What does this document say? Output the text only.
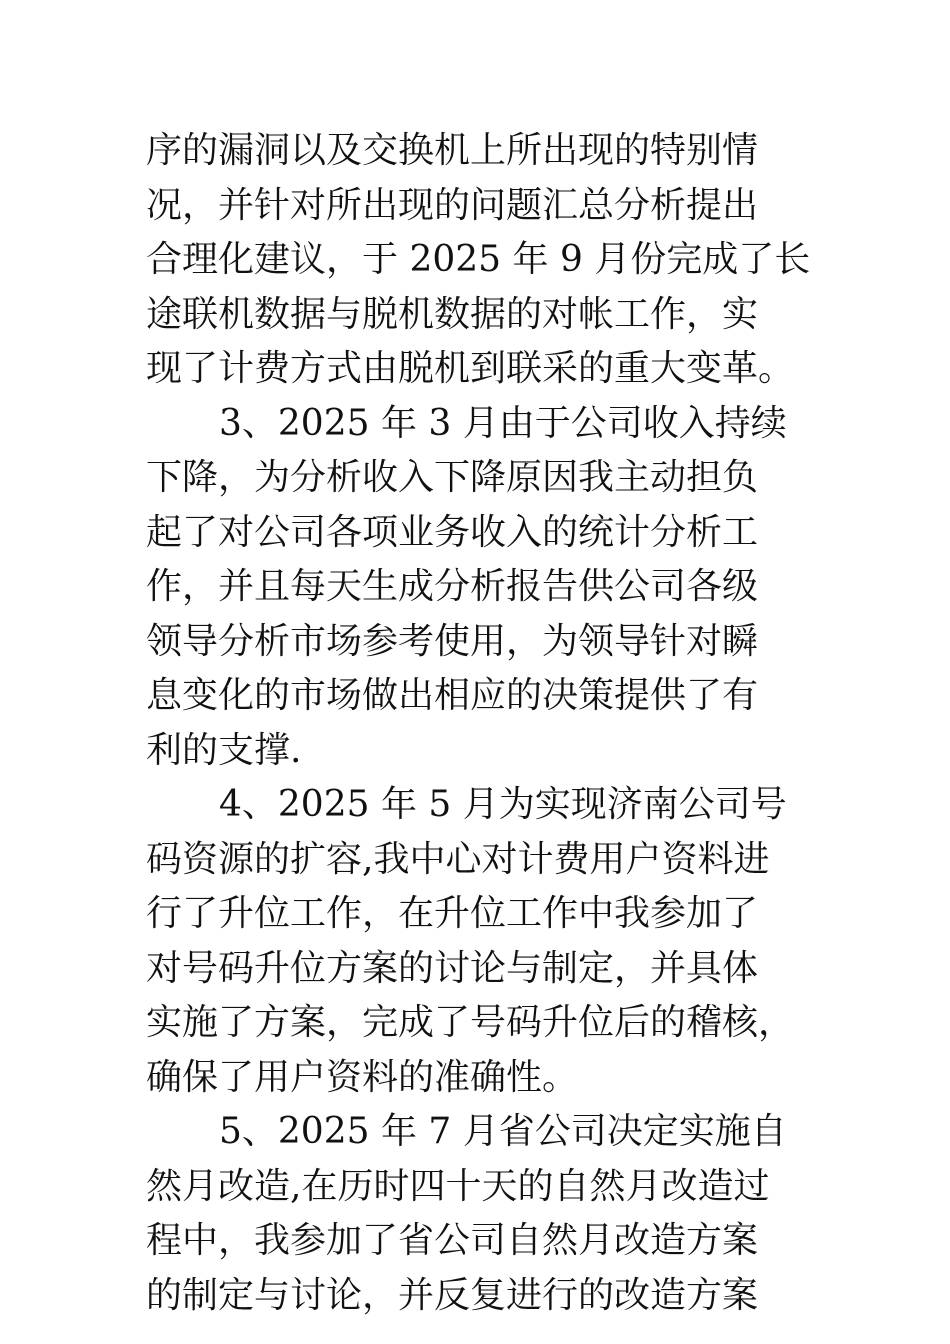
序的漏洞以及交换机上所出现的特别情
况，并针对所出现的问题汇总分析提出
合理化建议，于 2025 年 9 月份完成了长
途联机数据与脱机数据的对帐工作，实
现了计费方式由脱机到联采的重大变革。
3、2025 年 3 月由于公司收入持续
下降，为分析收入下降原因我主动担负
起了对公司各项业务收入的统计分析工
作，并且每天生成分析报告供公司各级
领导分析市场参考使用，为领导针对瞬
息变化的市场做出相应的决策提供了有
利的支撑.
4、2025 年 5 月为实现济南公司号
码资源的扩容,我中心对计费用户资料进
行了升位工作，在升位工作中我参加了
对号码升位方案的讨论与制定，并具体
实施了方案，完成了号码升位后的稽核，
确保了用户资料的准确性。
5、2025 年 7 月省公司决定实施自
然月改造,在历时四十天的自然月改造过
程中，我参加了省公司自然月改造方案
的制定与讨论，并反复进行的改造方案
